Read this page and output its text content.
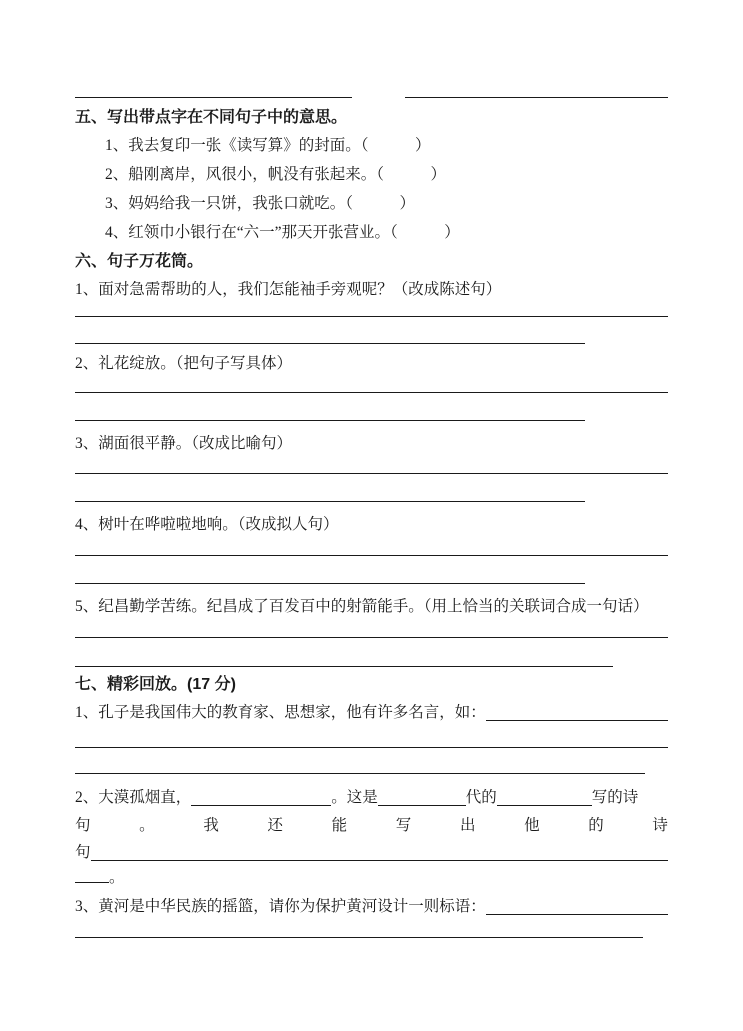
五、写出带点字在不同句子中的意思。
1、我去复印一张《读写算》的封面。（　　　）
2、船刚离岸，风很小，帆没有张起来。（　　　）
3、妈妈给我一只饼，我张口就吃。（　　　）
4、红领巾小银行在“六一”那天开张营业。（　　　）
六、句子万花筒。
1、面对急需帮助的人，我们怎能袖手旁观呢？（改成陈述句）
2、礼花绽放。（把句子写具体）
3、湖面很平静。（改成比喻句）
4、树叶在哗啦啦地响。（改成拟人句）
5、纪昌勤学苦练。纪昌成了百发百中的射箭能手。（用上恰当的关联词合成一句话）
七、精彩回放。(17 分)
1、孔子是我国伟大的教育家、思想家，他有许多名言，如：
2、大漠孤烟直，	。这是	代的	写的诗
句	。	我	还	能	写	出	他	的	诗
句
。
3、黄河是中华民族的摇篮，请你为保护黄河设计一则标语：
